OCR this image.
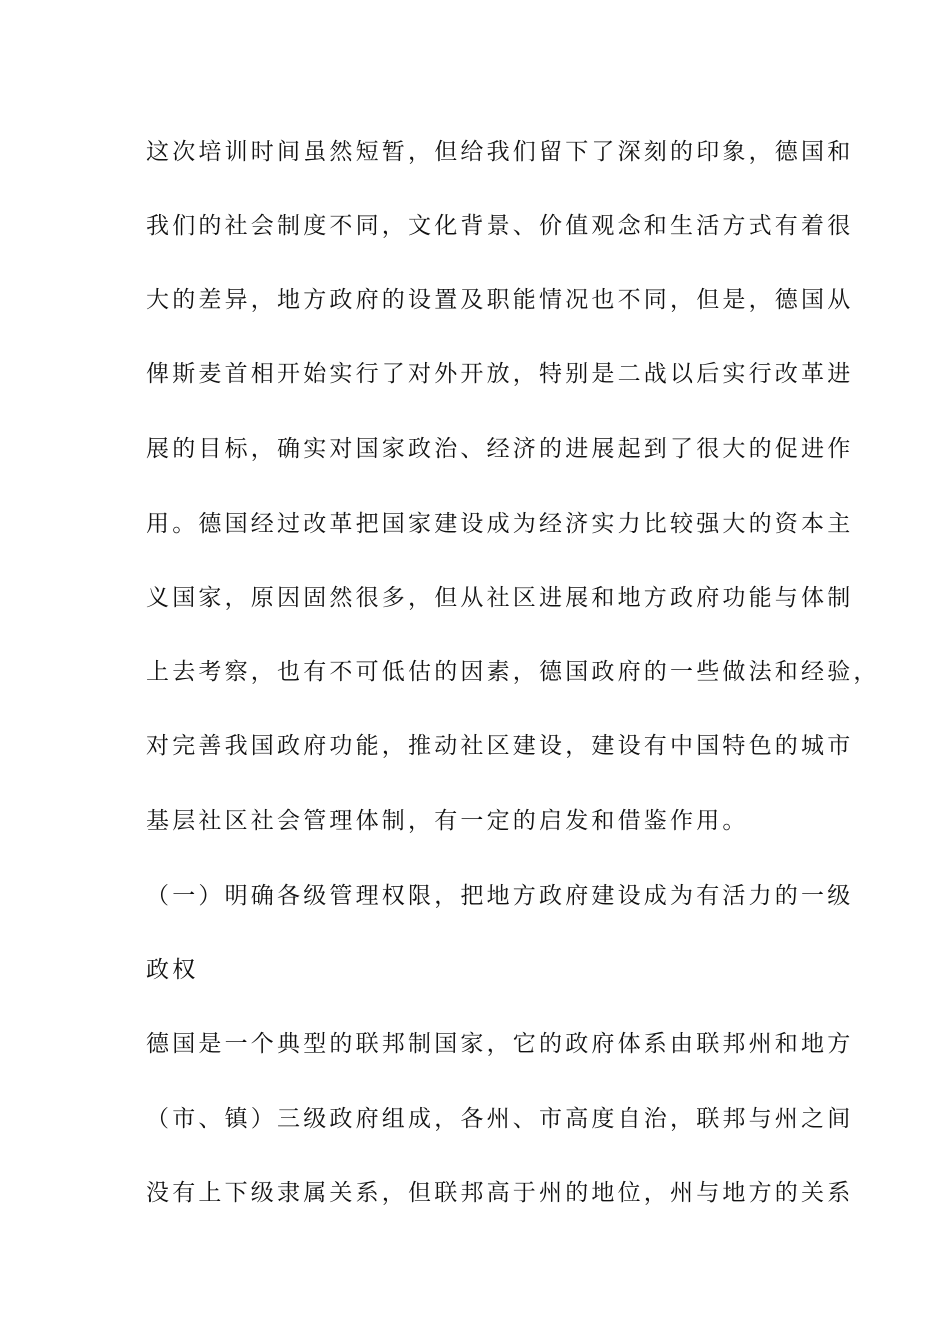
这次培训时间虽然短暂，但给我们留下了深刻的印象，德国和
我们的社会制度不同，文化背景、价值观念和生活方式有着很
大的差异，地方政府的设置及职能情况也不同，但是，德国从
俾斯麦首相开始实行了对外开放，特别是二战以后实行改革进
展的目标，确实对国家政治、经济的进展起到了很大的促进作
用。德国经过改革把国家建设成为经济实力比较强大的资本主
义国家，原因固然很多，但从社区进展和地方政府功能与体制
上去考察，也有不可低估的因素，德国政府的一些做法和经验，
对完善我国政府功能，推动社区建设，建设有中国特色的城市
基层社区社会管理体制，有一定的启发和借鉴作用。
（一）明确各级管理权限，把地方政府建设成为有活力的一级
政权
德国是一个典型的联邦制国家，它的政府体系由联邦州和地方
（市、镇）三级政府组成，各州、市高度自治，联邦与州之间
没有上下级隶属关系，但联邦高于州的地位，州与地方的关系
